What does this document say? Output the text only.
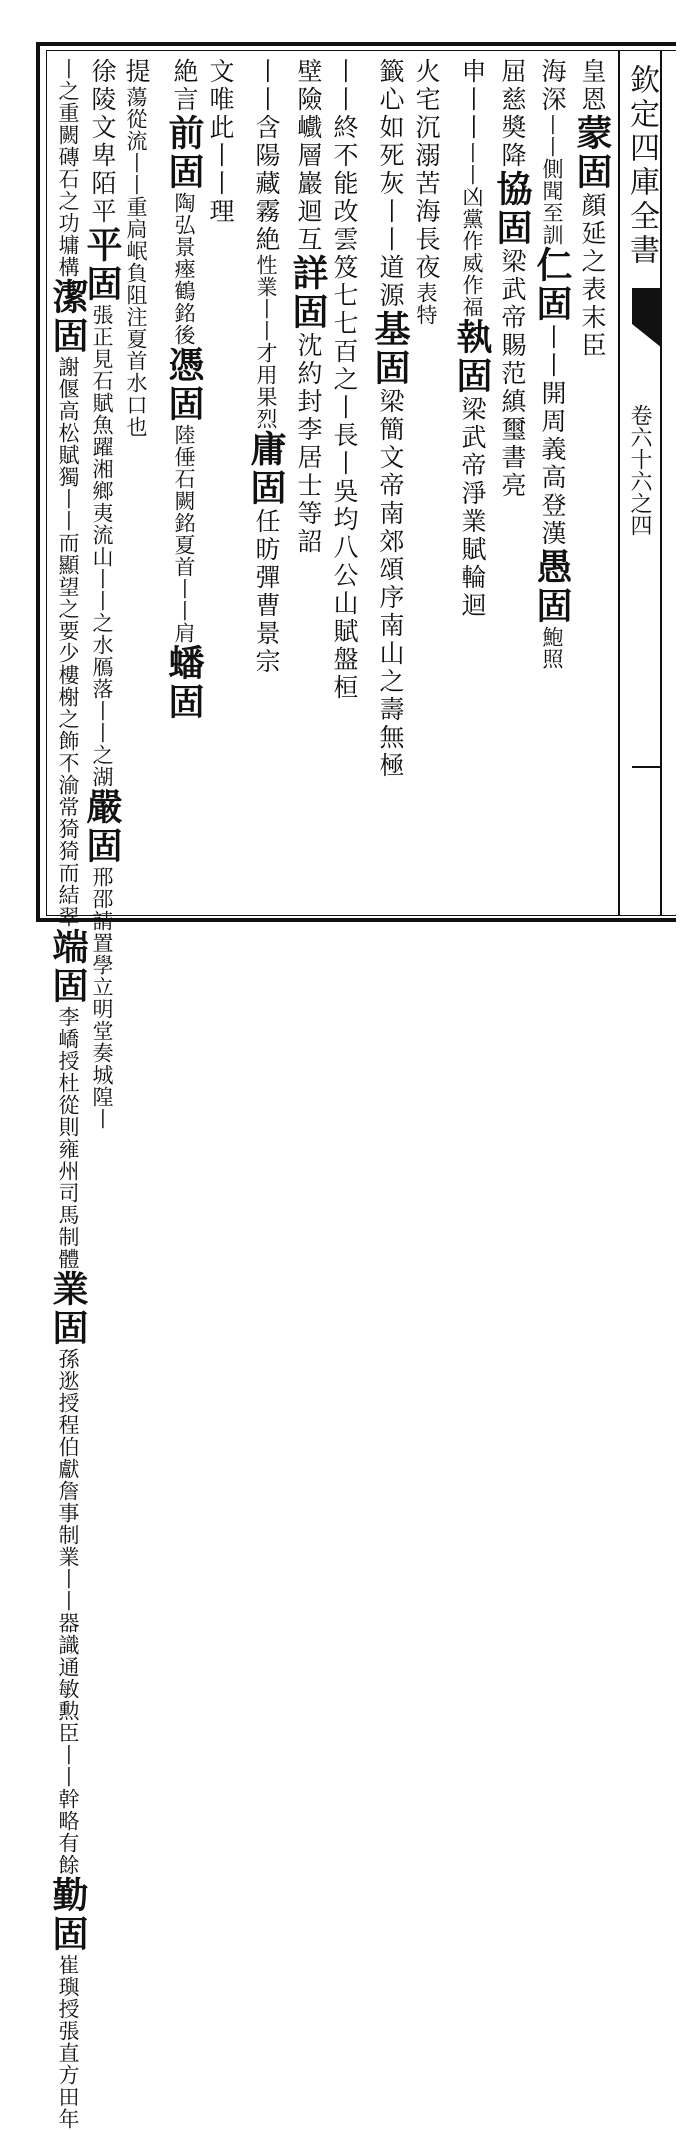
欽定四庫全書
卷六十六之四
皇恩蒙固顔延之表末臣
海深丨丨側聞至訓仁固丨丨開周義高登漢愚固鮑照
屈慈奬降協固梁武帝賜范縝璽書亮
申丨丨丨丨凶黨作威作福執固梁武帝淨業賦輪迴
火宅沉溺苦海長夜表特
籤心如死灰丨丨道源基固梁簡文帝南郊頌序南山之壽無極
丨丨終不能改雲笈七七百之丨長丨吳均八公山賦盤桓
壁險巇層巖迴互詳固沈約封李居士等詔
丨丨含陽藏霧絶性業丨丨才用果烈庸固任昉彈曹景宗
文唯此丨丨理
絶言前固陶弘景瘞鶴銘後憑固陸倕石闕銘夏首丨丨肩蟠固
提蕩從流丨丨重扃岷負阻注夏首水口也
徐陵文卑陌平平固張正見石賦魚躍湘鄉夷流山丨丨之水鴈落丨丨之湖嚴固邢邵請置學立明堂奏城隍丨
丨之重闕磚石之功墉構潔固謝偃高松賦獨丨丨而顯望之要少樓榭之飾不渝常猗猗而結翠端固李嶠授杜從則雍州司馬制體業固孫逖授程伯獻詹事制業丨丨器識通敏勲臣丨丨幹略有餘勤固崔璵授張直方田年
